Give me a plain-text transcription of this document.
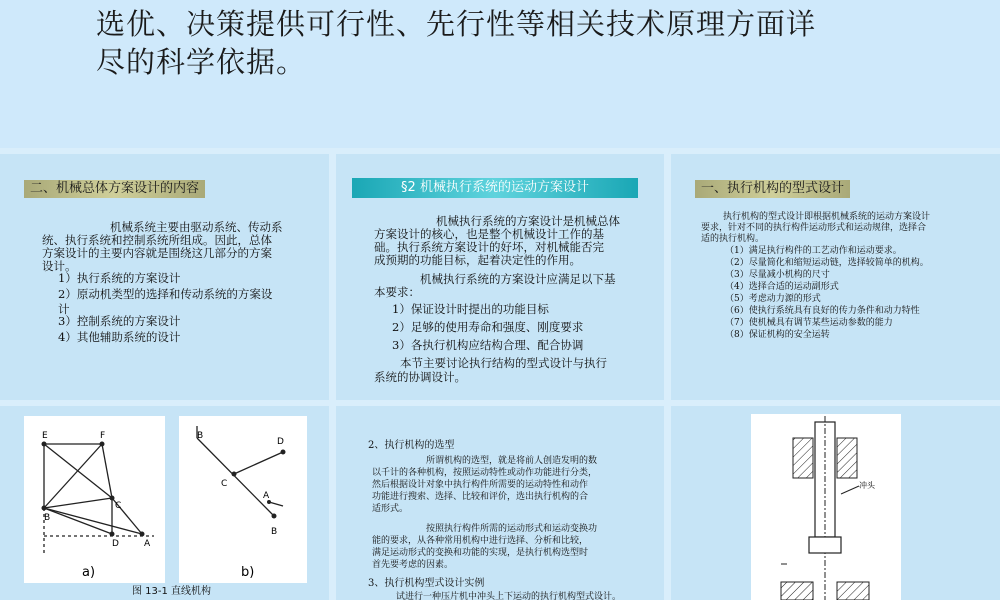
选优、决策提供可行性、先行性等相关技术原理方面详
尽的科学依据。
二、机械总体方案设计的内容
机械系统主要由驱动系统、传动系
统、执行系统和控制系统所组成。因此，总体
方案设计的主要内容就是围绕这几部分的方案
设计。
1）执行系统的方案设计
2）原动机类型的选择和传动系统的方案设
计
3）控制系统的方案设计
4）其他辅助系统的设计
§2 机械执行系统的运动方案设计
机械执行系统的方案设计是机械总体
方案设计的核心，也是整个机械设计工作的基
础。执行系统方案设计的好坏，对机械能否完
成预期的功能目标，起着决定性的作用。
机械执行系统的方案设计应满足以下基
本要求：
1）保证设计时提出的功能目标
2）足够的使用寿命和强度、刚度要求
3）各执行机构应结构合理、配合协调
本节主要讨论执行结构的型式设计与执行
系统的协调设计。
一、执行机构的型式设计
执行机构的型式设计即根据机械系统的运动方案设计
要求，针对不同的执行构件运动形式和运动规律，选择合
适的执行机构。
（1）满足执行构件的工艺动作和运动要求。
（2）尽量简化和缩短运动链，选择较简单的机构。
（3）尽量减小机构的尺寸
（4）选择合适的运动副形式
（5）考虑动力源的形式
（6）使执行系统具有良好的传力条件和动力特性
（7）使机械具有调节某些运动参数的能力
（8）保证机构的安全运转
E	F
B
C
D	A
a)
B
D
C
A
B
b)
图 13-1 直线机构
2、执行机构的选型
所谓机构的选型，就是将前人创造发明的数
以千计的各种机构，按照运动特性或动作功能进行分类，
然后根据设计对象中执行构件所需要的运动特性和动作
功能进行搜索、选择、比较和评价，选出执行机构的合
适形式。
按照执行构件所需的运动形式和运动变换功
能的要求，从各种常用机构中进行选择、分析和比较，
满足运动形式的变换和功能的实现，是执行机构选型时
首先要考虑的因素。
3、执行机构型式设计实例
试进行一种压片机中冲头上下运动的执行机构型式设计。
冲头
